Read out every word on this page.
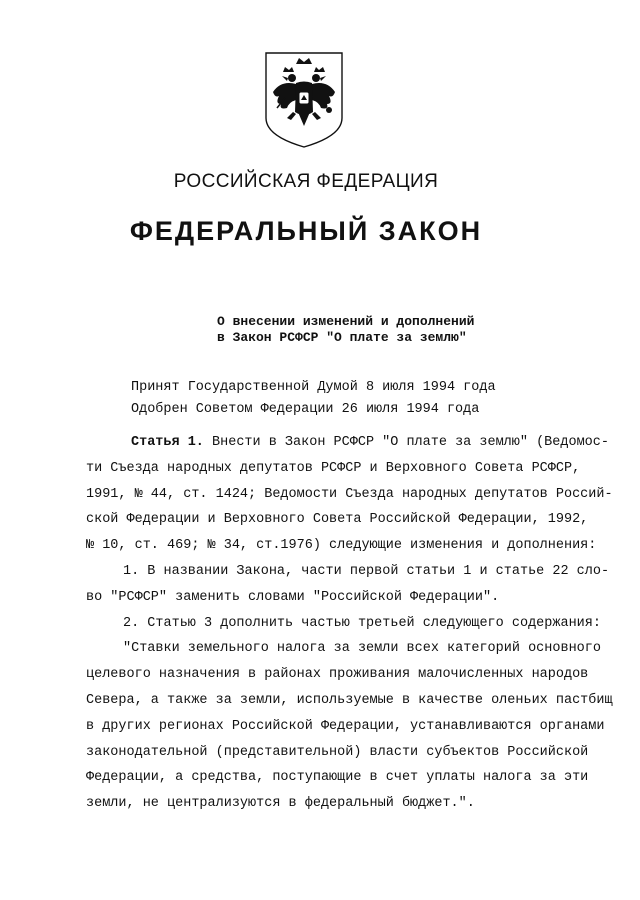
РОССИЙСКАЯ ФЕДЕРАЦИЯ
ФЕДЕРАЛЬНЫЙ ЗАКОН
О внесении изменений и дополнений
в Закон РСФСР "О плате за землю"
Принят Государственной Думой 8 июля 1994 года
Одобрен Советом Федерации 26 июля 1994 года
Статья 1. Внести в Закон РСФСР "О плате за землю" (Ведомос-
ти Съезда народных депутатов РСФСР и Верховного Совета РСФСР,
1991, № 44, ст. 1424; Ведомости Съезда народных депутатов Россий-
ской Федерации и Верховного Совета Российской Федерации, 1992,
№ 10, ст. 469; № 34, ст.1976) следующие изменения и дополнения:
1. В названии Закона, части первой статьи 1 и статье 22 сло-
во "РСФСР" заменить словами "Российской Федерации".
2. Статью 3 дополнить частью третьей следующего содержания:
"Ставки земельного налога за земли всех категорий основного
целевого назначения в районах проживания малочисленных народов
Севера, а также за земли, используемые в качестве оленьих пастбищ
в других регионах Российской Федерации, устанавливаются органами
законодательной (представительной) власти субъектов Российской
Федерации, а средства, поступающие в счет уплаты налога за эти
земли, не централизуются в федеральный бюджет.".
